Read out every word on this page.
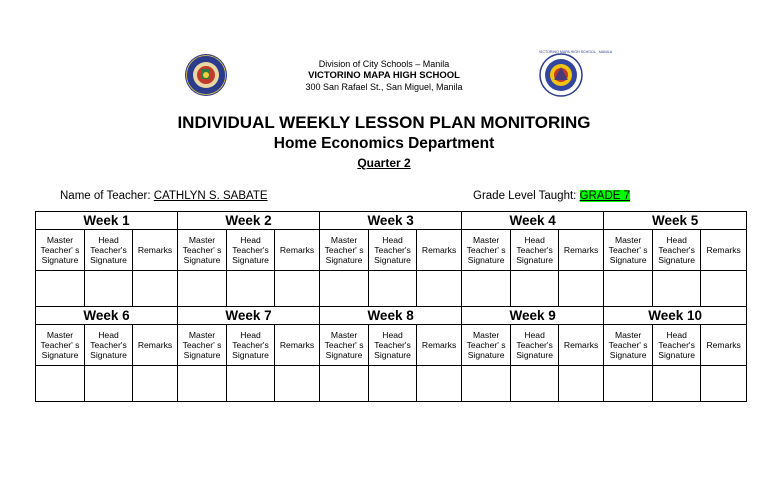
DIVISION OF CITY SCHOOLS · MANILA	VICTORINO MAPA HIGH SCHOOL · MANILA
Division of City Schools – Manila
VICTORINO MAPA HIGH SCHOOL
300 San Rafael St., San Miguel, Manila
INDIVIDUAL WEEKLY LESSON PLAN MONITORING
Home Economics Department
Quarter 2
Name of Teacher: CATHLYN S. SABATE	Grade Level Taught: GRADE 7
Week 1			Week 2			Week 3			Week 4			Week 5		
Master Teacher' s Signature	Head Teacher's Signature	Remarks	Master Teacher' s Signature	Head Teacher's Signature	Remarks	Master Teacher' s Signature	Head Teacher's Signature	Remarks	Master Teacher' s Signature	Head Teacher's Signature	Remarks	Master Teacher' s Signature	Head Teacher's Signature	Remarks

Week 6			Week 7			Week 8			Week 9			Week 10		
Master Teacher' s Signature	Head Teacher's Signature	Remarks	Master Teacher' s Signature	Head Teacher's Signature	Remarks	Master Teacher' s Signature	Head Teacher's Signature	Remarks	Master Teacher' s Signature	Head Teacher's Signature	Remarks	Master Teacher' s Signature	Head Teacher's Signature	Remarks
